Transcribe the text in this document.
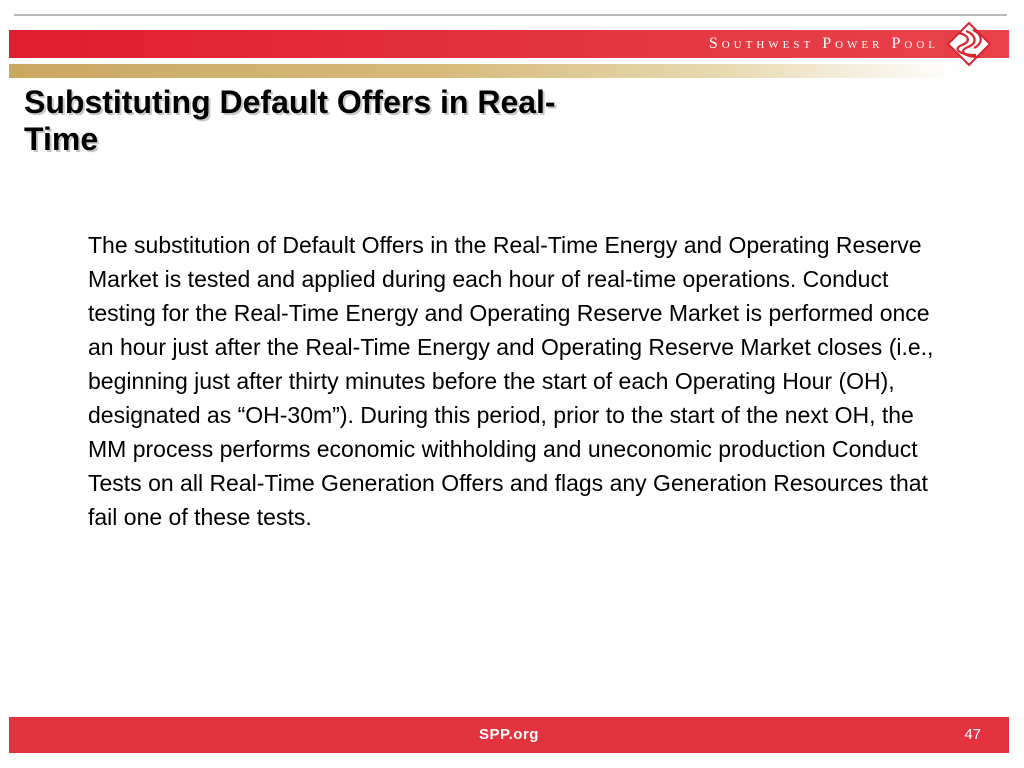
Southwest Power Pool
Substituting Default Offers in Real-
Time

The substitution of Default Offers in the Real-Time Energy and Operating Reserve Market is tested and applied during each hour of real-time operations. Conduct testing for the Real-Time Energy and Operating Reserve Market is performed once an hour just after the Real-Time Energy and Operating Reserve Market closes (i.e., beginning just after thirty minutes before the start of each Operating Hour (OH), designated as “OH-30m”). During this period, prior to the start of the next OH, the MM process performs economic withholding and uneconomic production Conduct Tests on all Real-Time Generation Offers and flags any Generation Resources that fail one of these tests.

SPP.org	47
